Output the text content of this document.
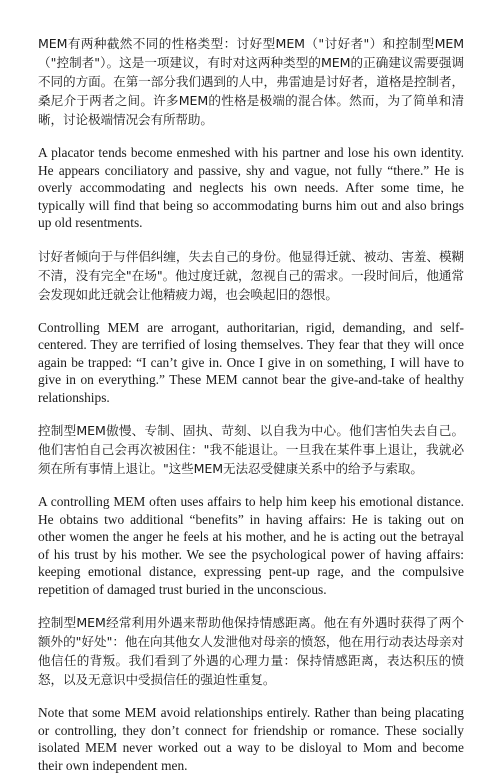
MEM有两种截然不同的性格类型：讨好型MEM（"讨好者"）和控制型MEM（"控制者"）。这是一项建议，有时对这两种类型的MEM的正确建议需要强调不同的方面。在第一部分我们遇到的人中，弗雷迪是讨好者，道格是控制者，桑尼介于两者之间。许多MEM的性格是极端的混合体。然而，为了简单和清晰，讨论极端情况会有所帮助。

A placator tends become enmeshed with his partner and lose his own identity. He appears conciliatory and passive, shy and vague, not fully “there.” He is overly accommodating and neglects his own needs. After some time, he typically will find that being so accommodating burns him out and also brings up old resentments.

讨好者倾向于与伴侣纠缠，失去自己的身份。他显得迁就、被动、害羞、模糊不清，没有完全"在场"。他过度迁就，忽视自己的需求。一段时间后，他通常会发现如此迁就会让他精疲力竭，也会唤起旧的怨恨。

Controlling MEM are arrogant, authoritarian, rigid, demanding, and self-centered. They are terrified of losing themselves. They fear that they will once again be trapped: “I can’t give in. Once I give in on something, I will have to give in on everything.” These MEM cannot bear the give-and-take of healthy relationships.

控制型MEM傲慢、专制、固执、苛刻、以自我为中心。他们害怕失去自己。他们害怕自己会再次被困住："我不能退让。一旦我在某件事上退让，我就必须在所有事情上退让。"这些MEM无法忍受健康关系中的给予与索取。

A controlling MEM often uses affairs to help him keep his emotional distance. He obtains two additional “benefits” in having affairs: He is taking out on other women the anger he feels at his mother, and he is acting out the betrayal of his trust by his mother. We see the psychological power of having affairs: keeping emotional distance, expressing pent-up rage, and the compulsive repetition of damaged trust buried in the unconscious.

控制型MEM经常利用外遇来帮助他保持情感距离。他在有外遇时获得了两个额外的"好处"：他在向其他女人发泄他对母亲的愤怒，他在用行动表达母亲对他信任的背叛。我们看到了外遇的心理力量：保持情感距离，表达积压的愤怒，以及无意识中受损信任的强迫性重复。

Note that some MEM avoid relationships entirely. Rather than being placating or controlling, they don’t connect for friendship or romance. These socially isolated MEM never worked out a way to be disloyal to Mom and become their own independent men.
